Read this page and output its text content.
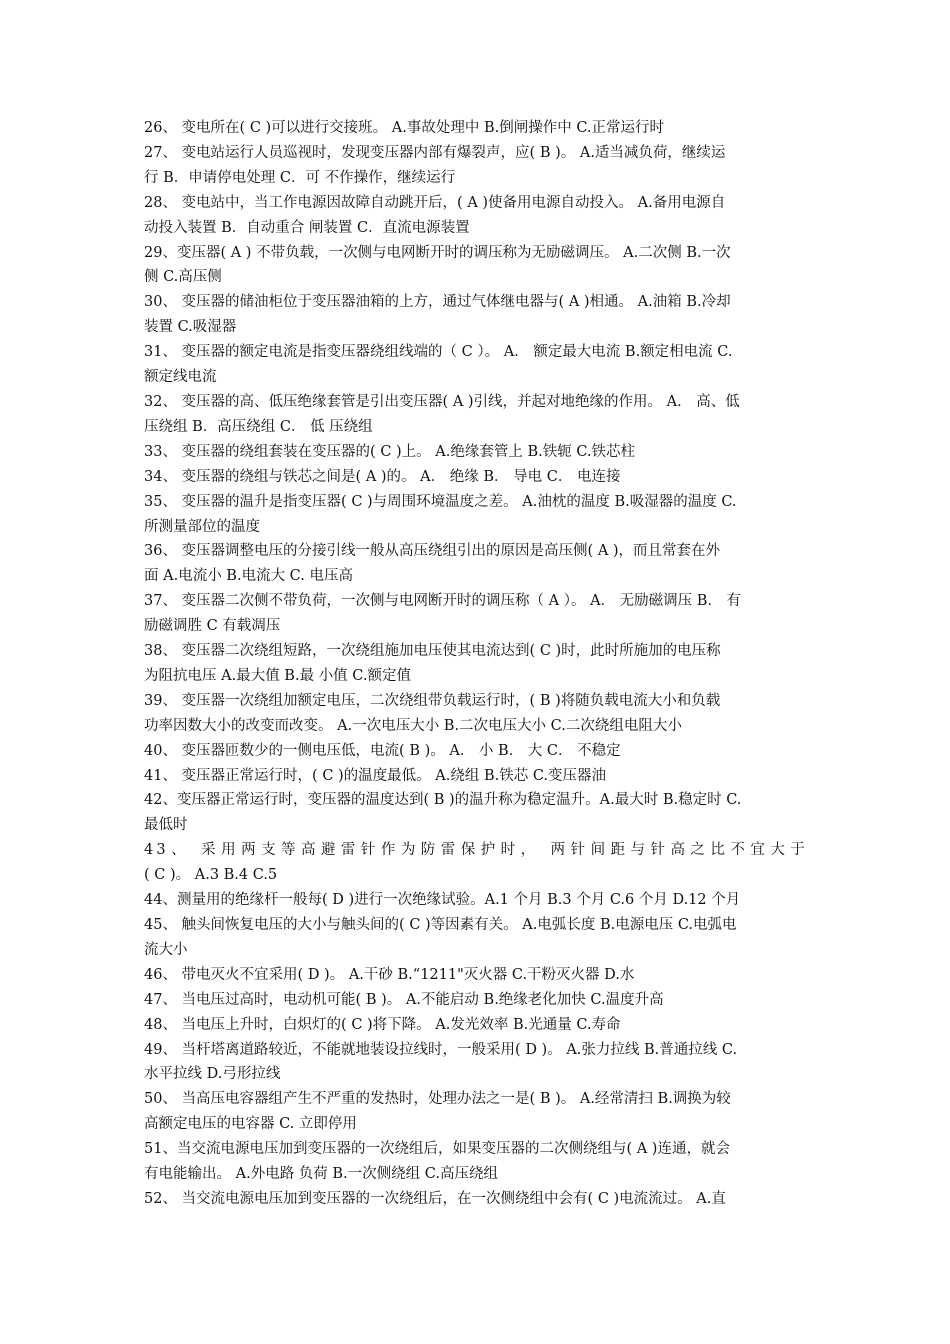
26、 变电所在( C )可以进行交接班。 A.事故处理中 B.倒闸操作中 C.正常运行时
27、 变电站运行人员巡视时，发现变压器内部有爆裂声，应( B )。 A.适当减负荷，继续运
行 B．申请停电处理 C．可 不作操作，继续运行
28、 变电站中，当工作电源因故障自动跳开后，( A )使备用电源自动投入。 A.备用电源自
动投入装置 B．自动重合 闸装置 C．直流电源装置
29、变压器( A ) 不带负载，一次侧与电网断开时的调压称为无励磁调压。 A.二次侧 B.一次
侧 C.高压侧
30、 变压器的储油柜位于变压器油箱的上方，通过气体继电器与( A )相通。 A.油箱 B.冷却
装置 C.吸湿器
31、 变压器的额定电流是指变压器绕组线端的（ C ）。 A． 额定最大电流 B.额定相电流 C.
额定线电流
32、 变压器的高、低压绝缘套管是引出变压器( A )引线，并起对地绝缘的作用。 A． 高、低
压绕组 B．高压绕组 C． 低 压绕组
33、 变压器的绕组套装在变压器的( C )上。 A.绝缘套管上 B.铁轭 C.铁芯柱
34、 变压器的绕组与铁芯之间是( A )的。 A． 绝缘 B． 导电 C． 电连接
35、 变压器的温升是指变压器( C )与周围环境温度之差。 A.油枕的温度 B.吸湿器的温度 C.
所测量部位的温度
36、 变压器调整电压的分接引线一般从高压绕组引出的原因是高压侧( A )，而且常套在外
面 A.电流小 B.电流大 C. 电压高
37、 变压器二次侧不带负荷，一次侧与电网断开时的调压称（ A ）。 A． 无励磁调压 B． 有
励磁调胜 C 有载凋压
38、 变压器二次绕组短路，一次绕组施加电压使其电流达到( C )时，此时所施加的电压称
为阻抗电压 A.最大值 B.最 小值 C.额定值
39、 变压器一次绕组加额定电压，二次绕组带负载运行时，( B )将随负载电流大小和负载
功率因数大小的改变而改变。 A.一次电压大小 B.二次电压大小 C.二次绕组电阻大小
40、 变压器匝数少的一侧电压低，电流( B )。 A． 小 B． 大 C． 不稳定
41、 变压器正常运行时，( C )的温度最低。 A.绕组 B.铁芯 C.变压器油
42、变压器正常运行时，变压器的温度达到( B )的温升称为稳定温升。A.最大时 B.稳定时 C.
最低时
43、 采用两支等高避雷针作为防雷保护时， 两针间距与针高之比不宜大于
( C )。 A.3 B.4 C.5
44、测量用的绝缘杆一般每( D )进行一次绝缘试验。A.1 个月 B.3 个月 C.6 个月 D.12 个月
45、 触头间恢复电压的大小与触头间的( C )等因素有关。 A.电弧长度 B.电源电压 C.电弧电
流大小
46、 带电灭火不宜采用( D )。 A.干砂 B.“1211"灭火器 C.干粉灭火器 D.水
47、 当电压过高时，电动机可能( B )。 A.不能启动 B.绝缘老化加快 C.温度升高
48、 当电压上升时，白炽灯的( C )将下降。 A.发光效率 B.光通量 C.寿命
49、 当杆塔离道路较近，不能就地装设拉线时，一般采用( D )。 A.张力拉线 B.普通拉线 C.
水平拉线 D.弓形拉线
50、 当高压电容器组产生不严重的发热时，处理办法之一是( B )。 A.经常清扫 B.调换为较
高额定电压的电容器 C. 立即停用
51、当交流电源电压加到变压器的一次绕组后，如果变压器的二次侧绕组与( A )连通，就会
有电能输出。 A.外电路 负荷 B.一次侧绕组 C.高压绕组
52、 当交流电源电压加到变压器的一次绕组后，在一次侧绕组中会有( C )电流流过。 A.直
